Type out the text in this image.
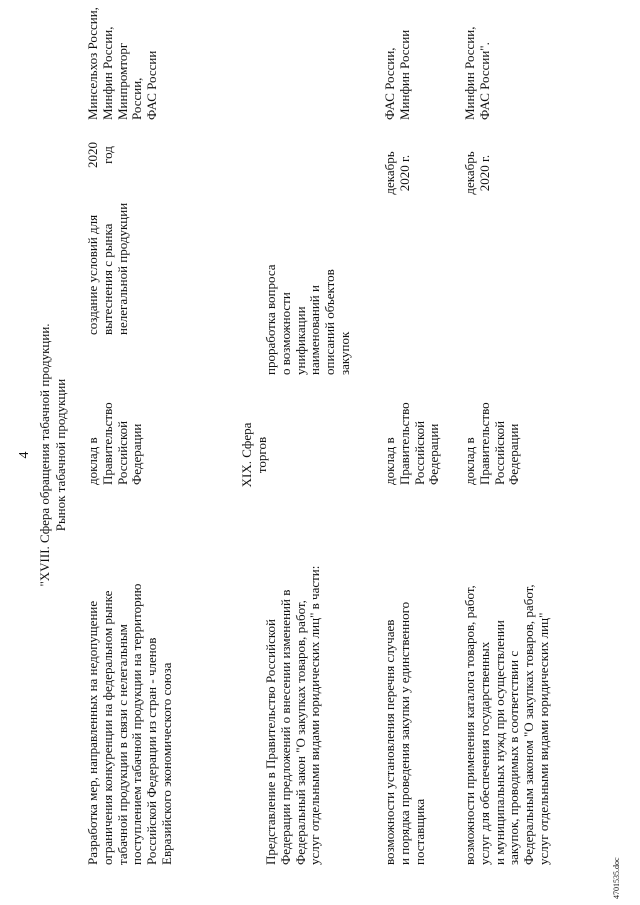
4 "XVIII. Сфера обращения табачной продукции. Рынок табачной продукции
Разработка мер, направленных на недопущение
ограничения конкуренции на федеральном рынке
табачной продукции в связи с нелегальным
поступлением табачной продукции на территорию
Российской Федерации из стран - членов
Евразийского экономического союза
доклад в
Правительство
Российской
Федерации
создание условий для
вытеснения с рынка
нелегальной продукции
2020
год
Минсельхоз России,
Минфин России,
Минпромторг
России,
ФАС России
XIX. Сфера торгов
Представление в Правительство Российской
Федерации предложений о внесении изменений в
Федеральный закон "О закупках товаров, работ,
услуг отдельными видами юридических лиц" в части:
проработка вопроса
о возможности
унификации
наименований и
описаний объектов
закупок
возможности установления перечня случаев
и порядка проведения закупки у единственного
поставщика
доклад в
Правительство
Российской
Федерации
декабрь
2020 г.
ФАС России,
Минфин России
возможности применения каталога товаров, работ,
услуг для обеспечения государственных
и муниципальных нужд при осуществлении
закупок, проводимых в соответствии с
Федеральным законом "О закупках товаров, работ,
услуг отдельными видами юридических лиц"
доклад в
Правительство
Российской
Федерации
декабрь
2020 г.
Минфин России,
ФАС России".
4701535.doc
